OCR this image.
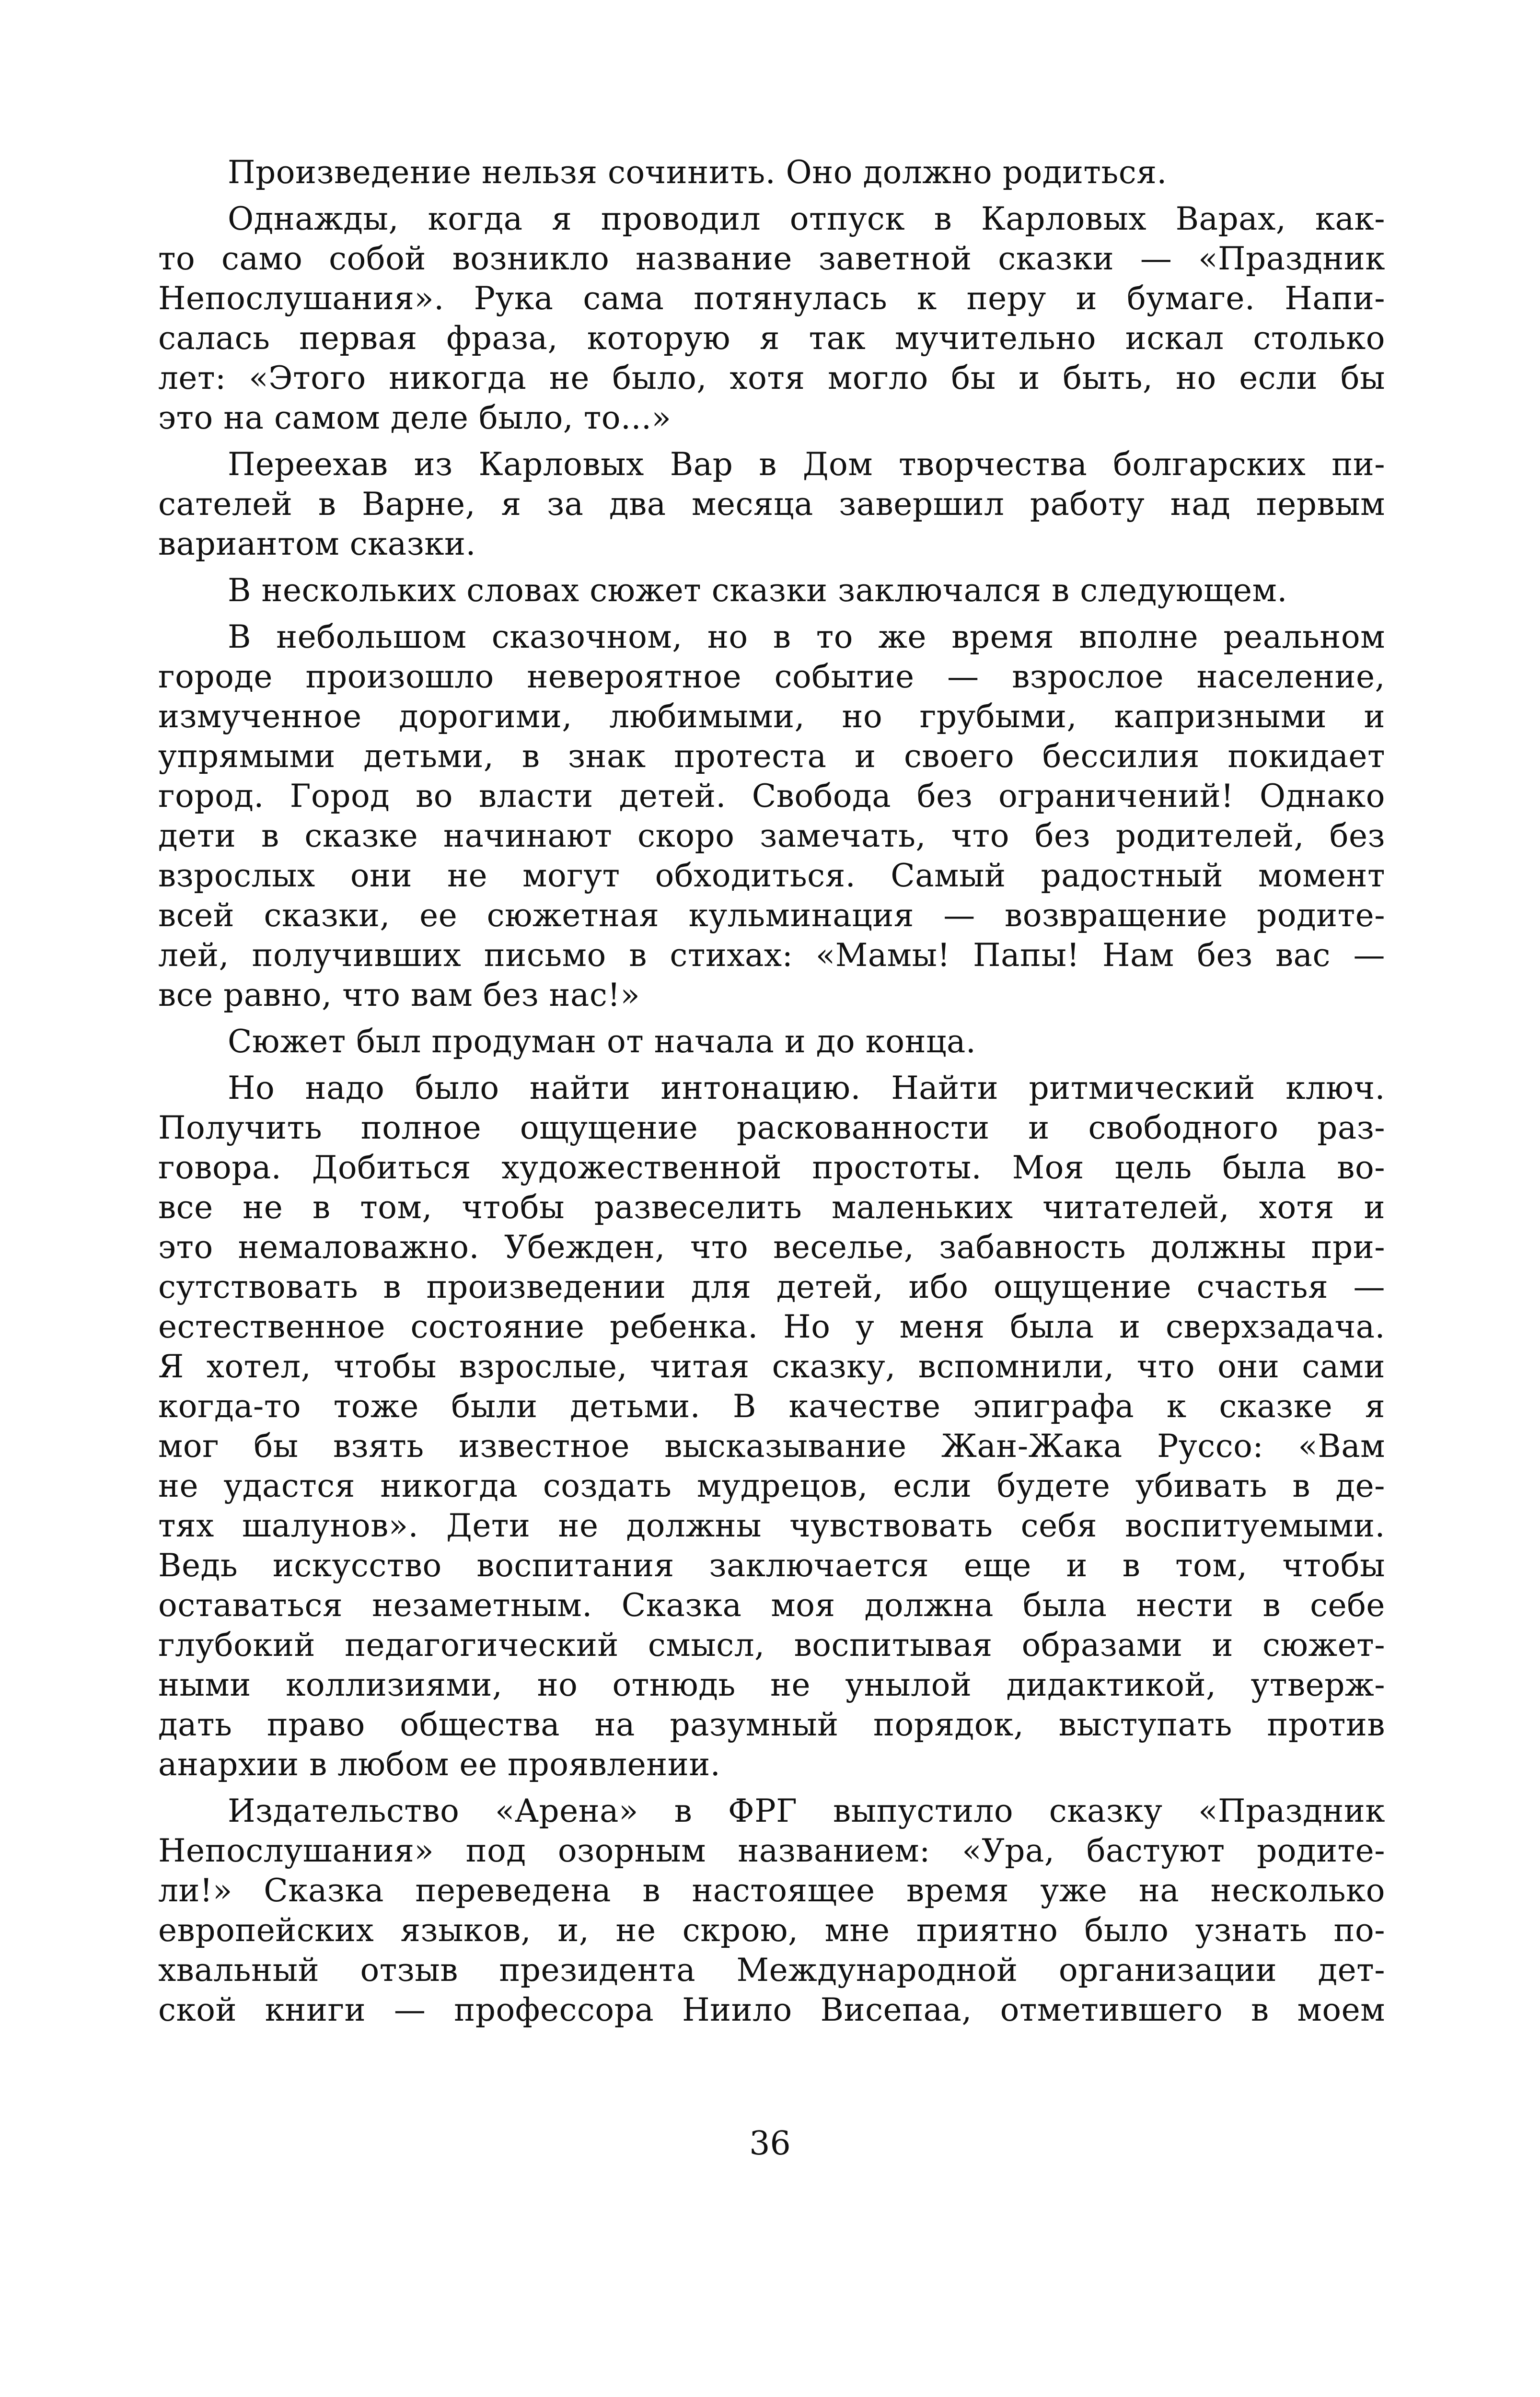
Произведение нельзя сочинить. Оно должно родиться.
Однажды, когда я проводил отпуск в Карловых Варах, как-
то само собой возникло название заветной сказки — «Праздник
Непослушания». Рука сама потянулась к перу и бумаге. Напи-
салась первая фраза, которую я так мучительно искал столько
лет: «Этого никогда не было, хотя могло бы и быть, но если бы
это на самом деле было, то...»
Переехав из Карловых Вар в Дом творчества болгарских пи-
сателей в Варне, я за два месяца завершил работу над первым
вариантом сказки.
В нескольких словах сюжет сказки заключался в следующем.
В небольшом сказочном, но в то же время вполне реальном
городе произошло невероятное событие — взрослое население,
измученное дорогими, любимыми, но грубыми, капризными и
упрямыми детьми, в знак протеста и своего бессилия покидает
город. Город во власти детей. Свобода без ограничений! Однако
дети в сказке начинают скоро замечать, что без родителей, без
взрослых они не могут обходиться. Самый радостный момент
всей сказки, ее сюжетная кульминация — возвращение родите-
лей, получивших письмо в стихах: «Мамы! Папы! Нам без вас —
все равно, что вам без нас!»
Сюжет был продуман от начала и до конца.
Но надо было найти интонацию. Найти ритмический ключ.
Получить полное ощущение раскованности и свободного раз-
говора. Добиться художественной простоты. Моя цель была во-
все не в том, чтобы развеселить маленьких читателей, хотя и
это немаловажно. Убежден, что веселье, забавность должны при-
сутствовать в произведении для детей, ибо ощущение счастья —
естественное состояние ребенка. Но у меня была и сверхзадача.
Я хотел, чтобы взрослые, читая сказку, вспомнили, что они сами
когда-то тоже были детьми. В качестве эпиграфа к сказке я
мог бы взять известное высказывание Жан-Жака Руссо: «Вам
не удастся никогда создать мудрецов, если будете убивать в де-
тях шалунов». Дети не должны чувствовать себя воспитуемыми.
Ведь искусство воспитания заключается еще и в том, чтобы
оставаться незаметным. Сказка моя должна была нести в себе
глубокий педагогический смысл, воспитывая образами и сюжет-
ными коллизиями, но отнюдь не унылой дидактикой, утверж-
дать право общества на разумный порядок, выступать против
анархии в любом ее проявлении.
Издательство «Арена» в ФРГ выпустило сказку «Праздник
Непослушания» под озорным названием: «Ура, бастуют родите-
ли!» Сказка переведена в настоящее время уже на несколько
европейских языков, и, не скрою, мне приятно было узнать по-
хвальный отзыв президента Международной организации дет-
ской книги — профессора Ниило Висепаа, отметившего в моем
36
